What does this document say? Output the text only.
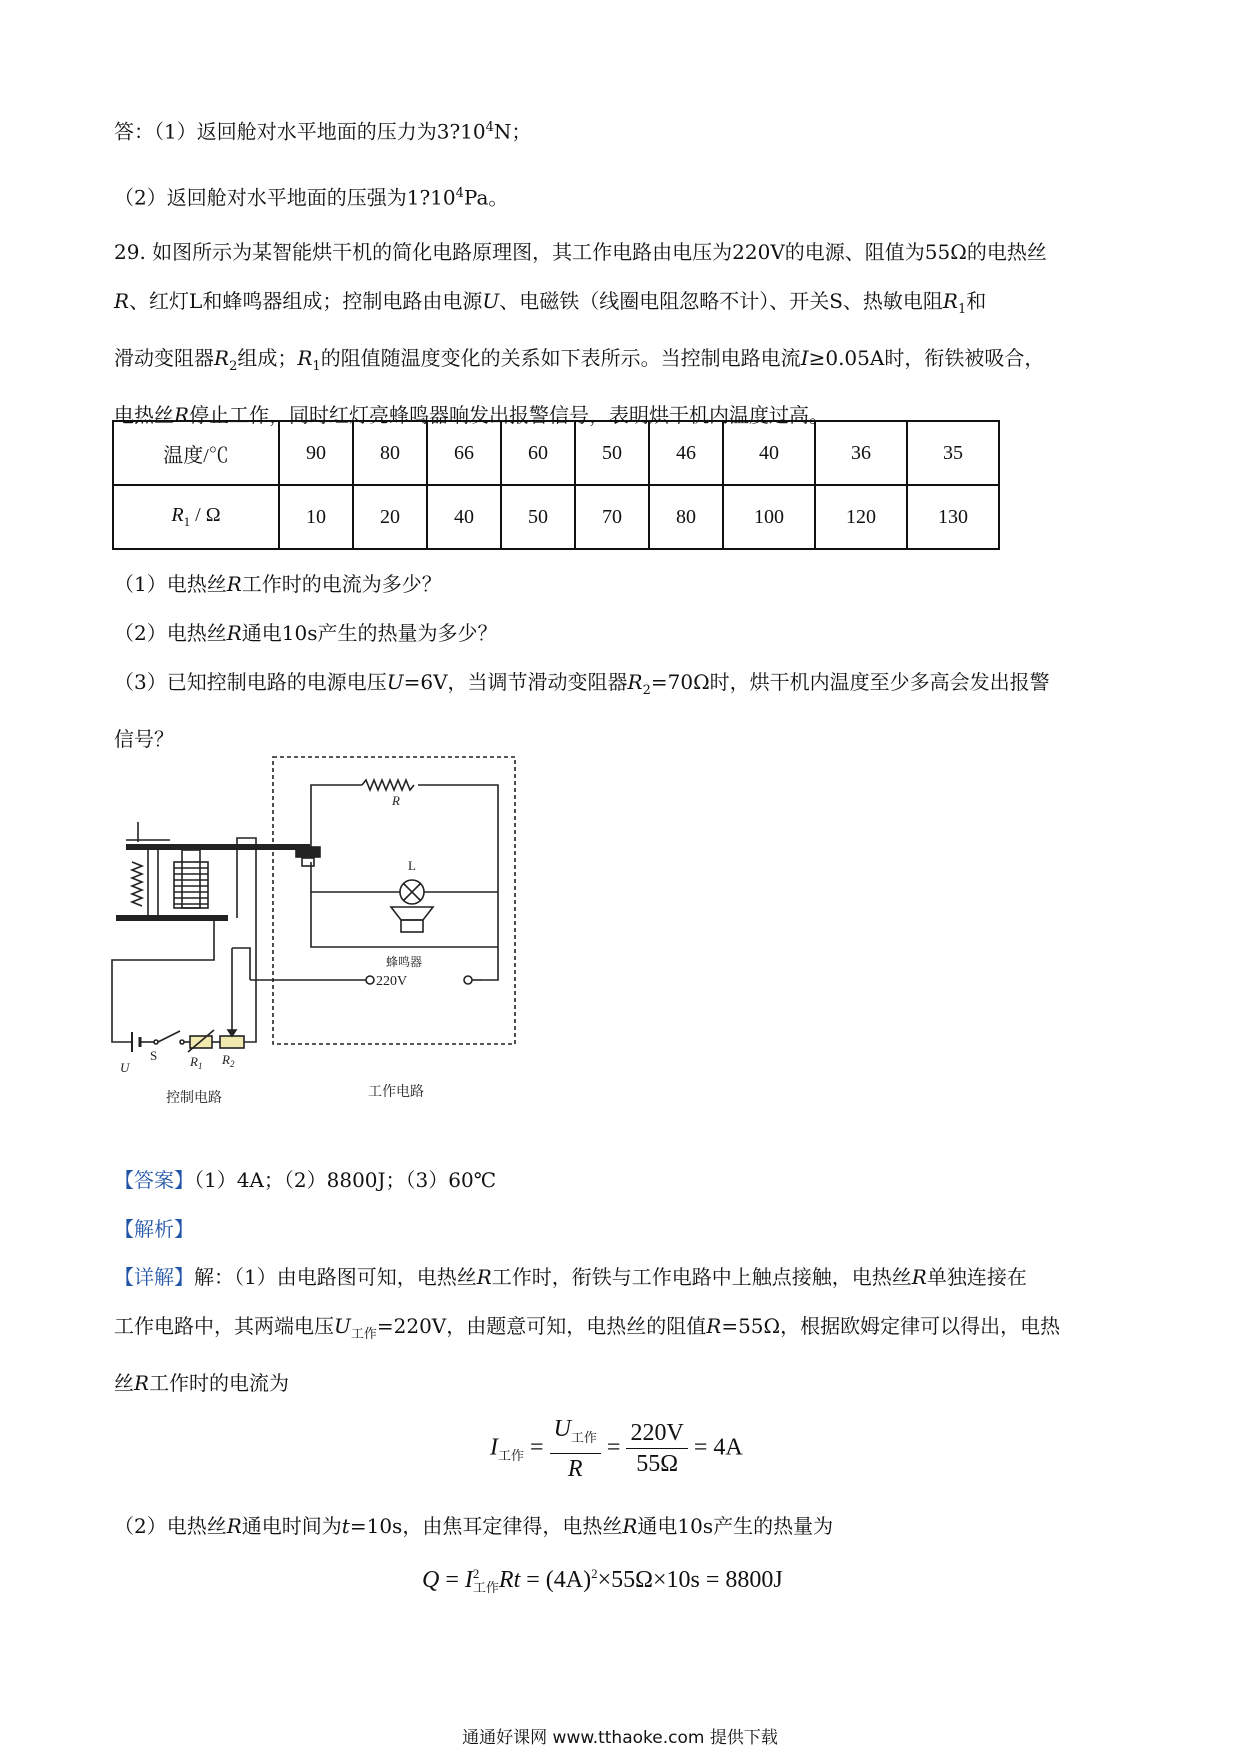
答：（1）返回舱对水平地面的压力为$3?10^4N$；
（2）返回舱对水平地面的压强为$1?10^4Pa$。

29. 如图所示为某智能烘干机的简化电路原理图，其工作电路由电压为220V的电源、阻值为55Ω的电热丝

R、红灯L和蜂鸣器组成；控制电路由电源U、电磁铁（线圈电阻忽略不计）、开关S、热敏电阻$R_1$和

滑动变阻器$R_2$组成；$R_1$的阻值随温度变化的关系如下表所示。当控制电路电流I≥0.05A时，衔铁被吸合，

电热丝R停止工作，同时红灯亮蜂鸣器响发出报警信号，表明烘干机内温度过高。

温度/℃	90	80	66	60	50	46	40	36	35
$R_1$ / Ω	10	20	40	50	70	80	100	120	130

（1）电热丝R工作时的电流为多少？

（2）电热丝R通电10s产生的热量为多少？

（3）已知控制电路的电源电压U=6V，当调节滑动变阻器$R_2=70\Omega$时，烘干机内温度至少多高会发出报警

信号？

R
L
蜂鸣器
220V
U
S	$R_1$ $R_2$
控制电路	工作电路
【答案】（1）4A；（2）8800J；（3）60℃
【解析】

【详解】解：（1）由电路图可知，电热丝R工作时，衔铁与工作电路中上触点接触，电热丝R单独连接在

工作电路中，其两端电压$U_{工作}=220V$，由题意可知，电热丝的阻值R=55Ω，根据欧姆定律可以得出，电热

丝R工作时的电流为

$I_{工作} = \frac{U_{工作}}{R} = \frac{220V}{55\Omega} = 4A$
（2）电热丝R通电时间为t=10s，由焦耳定律得，电热丝R通电10s产生的热量为
Q = I 2
工作 $Rt = (4A)^2\times 55\Omega\times 10s = 8800J$
通通好课网 www.tthaoke.com 提供下载
